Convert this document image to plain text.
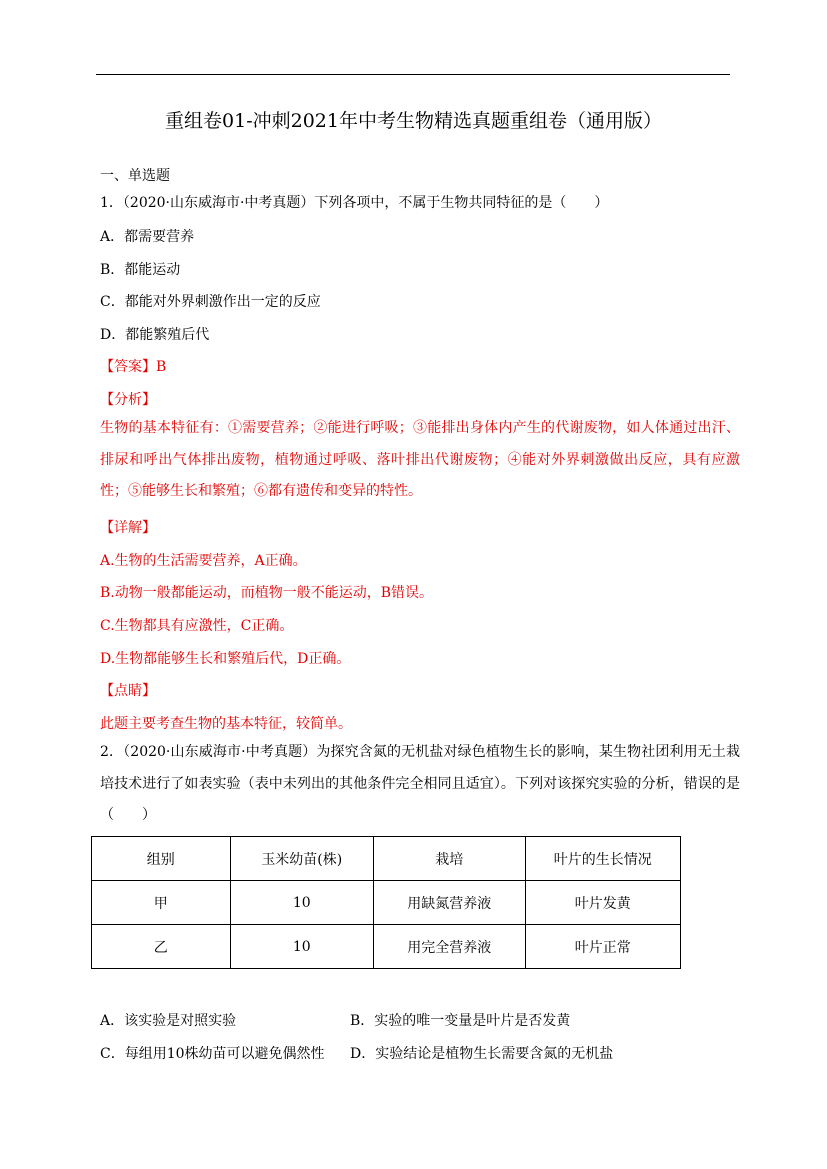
重组卷01-冲刺2021年中考生物精选真题重组卷（通用版）
一、单选题
1．（2020·山东威海市·中考真题）下列各项中，不属于生物共同特征的是（　　）
A．都需要营养
B．都能运动
C．都能对外界刺激作出一定的反应
D．都能繁殖后代
【答案】B
【分析】
生物的基本特征有：①需要营养；②能进行呼吸；③能排出身体内产生的代谢废物，如人体通过出汗、排尿和呼出气体排出废物，植物通过呼吸、落叶排出代谢废物；④能对外界刺激做出反应，具有应激性；⑤能够生长和繁殖；⑥都有遗传和变异的特性。
【详解】
A.生物的生活需要营养，A正确。
B.动物一般都能运动，而植物一般不能运动，B错误。
C.生物都具有应激性，C正确。
D.生物都能够生长和繁殖后代，D正确。
【点睛】
此题主要考查生物的基本特征，较简单。
2．（2020·山东威海市·中考真题）为探究含氮的无机盐对绿色植物生长的影响，某生物社团利用无土栽培技术进行了如表实验（表中未列出的其他条件完全相同且适宜）。下列对该探究实验的分析，错误的是（　　）
组别	玉米幼苗(株)	栽培	叶片的生长情况
甲	10	用缺氮营养液	叶片发黄
乙	10	用完全营养液	叶片正常
A．该实验是对照实验	B．实验的唯一变量是叶片是否发黄
C．每组用10株幼苗可以避免偶然性 D．实验结论是植物生长需要含氮的无机盐
